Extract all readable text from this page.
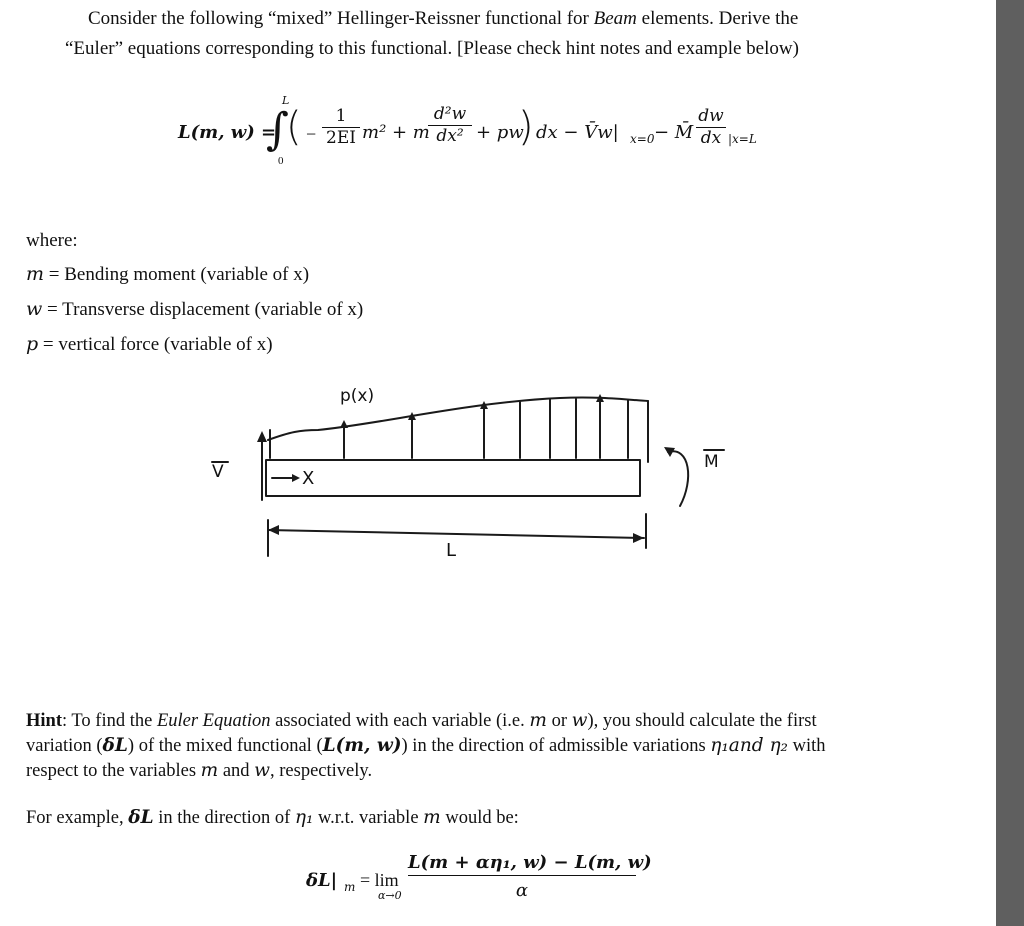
Consider the following “mixed” Hellinger-Reissner functional for Beam elements. Derive the
“Euler” equations corresponding to this functional. [Please check hint notes and example below)
L(m, w) =
L
∫
0
( −
1
2EI m² + m
d²w
dx² + pw
) dx − V̄w| x=0 − M̄
dw
dx |x=L
where:
m = Bending moment (variable of x)
w = Transverse displacement (variable of x)
p = vertical force (variable of x)
p(x)
V	M
X
L
Hint: To find the Euler Equation associated with each variable (i.e. m or w), you should calculate the first
variation (δL) of the mixed functional (L(m, w)) in the direction of admissible variations η₁and η₂ with
respect to the variables m and w, respectively.
For example, δL in the direction of η₁ w.r.t. variable m would be:
δL| m = lim
α→0
L(m + αη₁, w) − L(m, w)
α
